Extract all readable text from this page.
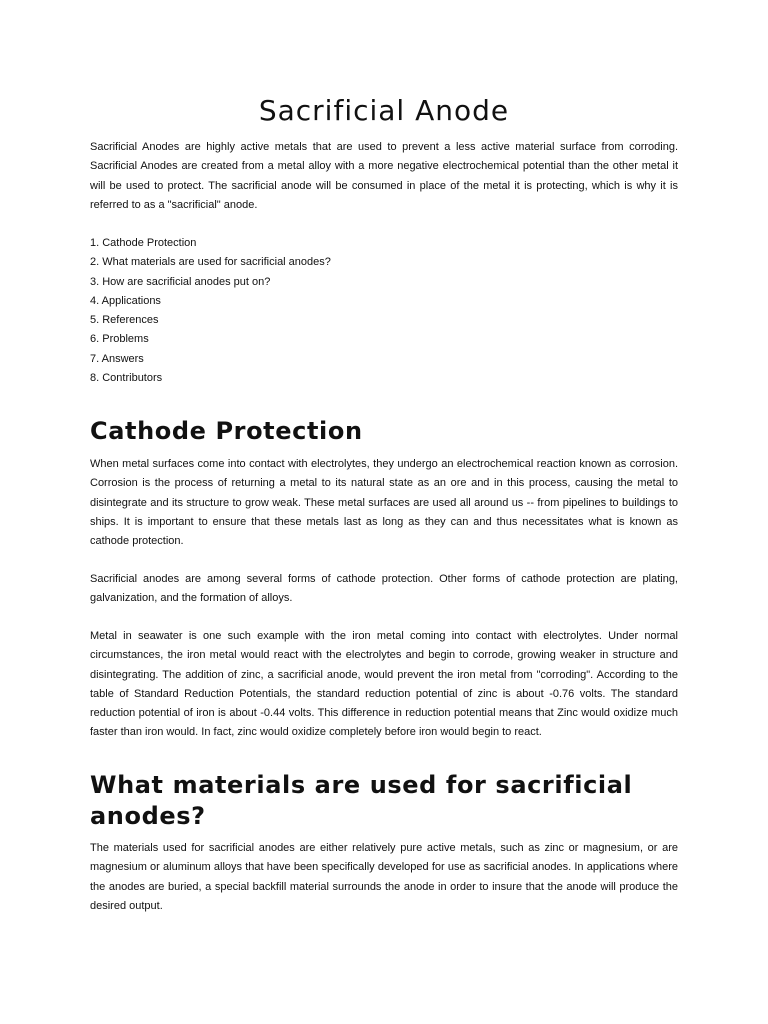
Sacrificial Anode

Sacrificial Anodes are highly active metals that are used to prevent a less active material surface from corroding. Sacrificial Anodes are created from a metal alloy with a more negative electrochemical potential than the other metal it will be used to protect. The sacrificial anode will be consumed in place of the metal it is protecting, which is why it is referred to as a "sacrificial" anode.

1. Cathode Protection
2. What materials are used for sacrificial anodes?
3. How are sacrificial anodes put on?
4. Applications
5. References
6. Problems
7. Answers
8. Contributors
Cathode Protection

When metal surfaces come into contact with electrolytes, they undergo an electrochemical reaction known as corrosion. Corrosion is the process of returning a metal to its natural state as an ore and in this process, causing the metal to disintegrate and its structure to grow weak. These metal surfaces are used all around us -- from pipelines to buildings to ships. It is important to ensure that these metals last as long as they can and thus necessitates what is known as cathode protection.

Sacrificial anodes are among several forms of cathode protection. Other forms of cathode protection are plating, galvanization, and the formation of alloys.

Metal in seawater is one such example with the iron metal coming into contact with electrolytes. Under normal circumstances, the iron metal would react with the electrolytes and begin to corrode, growing weaker in structure and disintegrating. The addition of zinc, a sacrificial anode, would prevent the iron metal from "corroding". According to the table of Standard Reduction Potentials, the standard reduction potential of zinc is about -0.76 volts. The standard reduction potential of iron is about -0.44 volts. This difference in reduction potential means that Zinc would oxidize much faster than iron would. In fact, zinc would oxidize completely before iron would begin to react.

What materials are used for sacrificial anodes?

The materials used for sacrificial anodes are either relatively pure active metals, such as zinc or magnesium, or are magnesium or aluminum alloys that have been specifically developed for use as sacrificial anodes. In applications where the anodes are buried, a special backfill material surrounds the anode in order to insure that the anode will produce the desired output.
